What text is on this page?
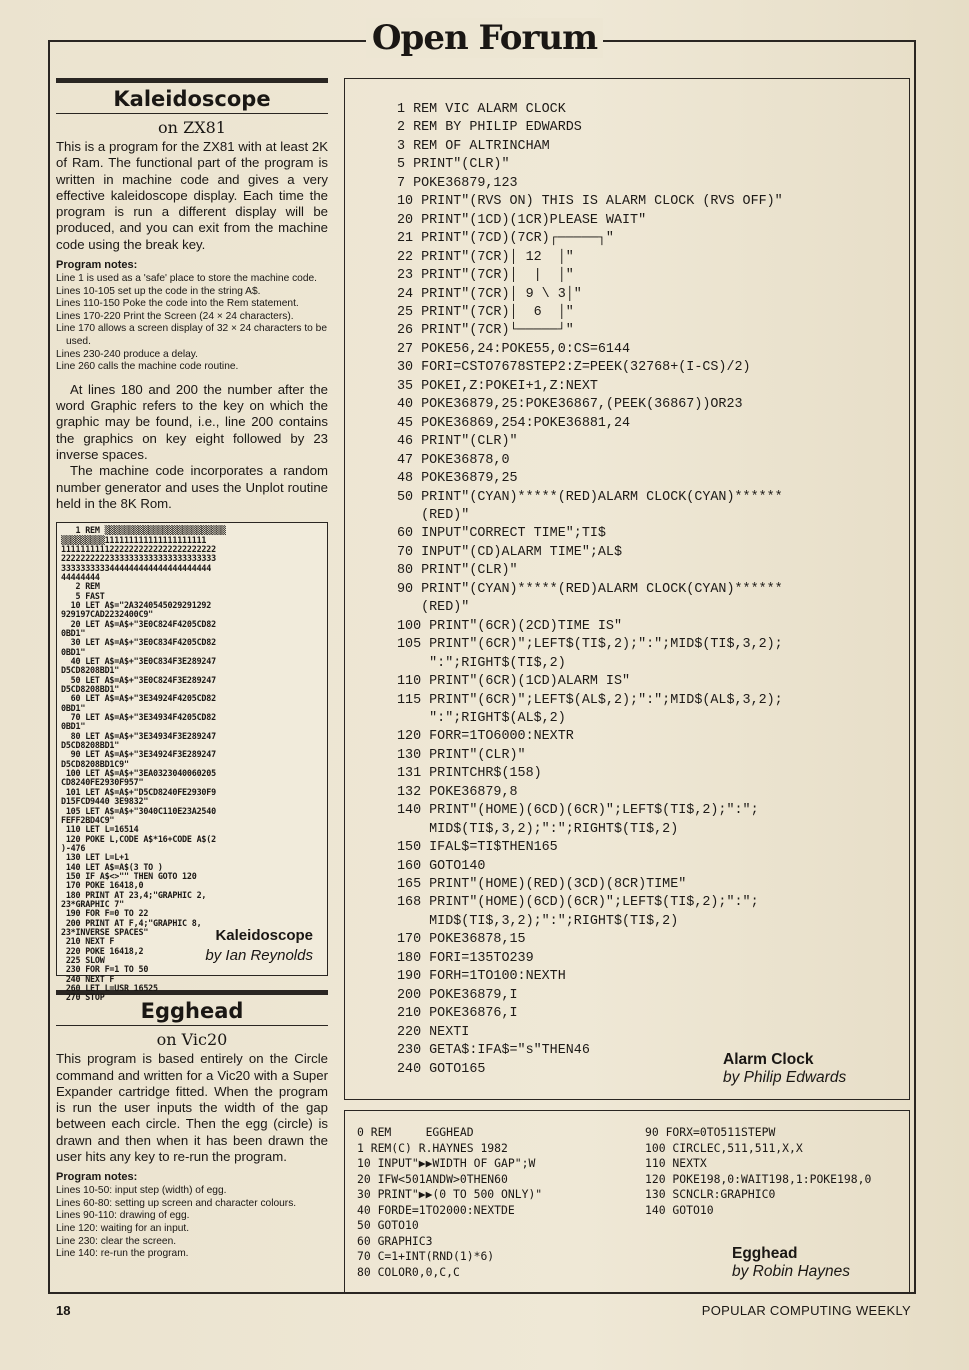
Open Forum
Kaleidoscope
on ZX81

This is a program for the ZX81 with at least 2K of Ram. The functional part of the program is written in machine code and gives a very effective kaleidoscope display. Each time the program is run a different display will be produced, and you can exit from the machine code using the break key.

Program notes:
Line 1 is used as a 'safe' place to store the machine code.
Lines 10-105 set up the code in the string A$.
Lines 110-150 Poke the code into the Rem statement.
Lines 170-220 Print the Screen (24 × 24 characters).
Line 170 allows a screen display of 32 × 24 characters to be used.
Lines 230-240 produce a delay.
Line 260 calls the machine code routine.

At lines 180 and 200 the number after the word Graphic refers to the key on which the graphic may be found, i.e., line 200 contains the graphics on key eight followed by 23 inverse spaces.

The machine code incorporates a random number generator and uses the Unplot routine held in the 8K Rom.

1 REM ▒▒▒▒▒▒▒▒▒▒▒▒▒▒▒▒▒▒▒▒▒▒▒▒▒
▒▒▒▒▒▒▒▒▒111111111111111111111
11111111112222222222222222222222
22222222223333333333333333333333
3333333333444444444444444444444
44444444
2 REM
5 FAST
10 LET A$="2A32405450292912⁠92
929197CAD2232400C9"
20 LET A$=A$+"3E0C824F4205CD82
0BD1"
30 LET A$=A$+"3E0C834F4205CD82
0BD1"
40 LET A$=A$+"3E0C834F3E289247
D5CD8208BD1"
50 LET A$=A$+"3E0C824F3E289247
D5CD8208BD1"
60 LET A$=A$+"3E34924F4205CD82
0BD1"
70 LET A$=A$+"3E34934F4205CD82
0BD1"
80 LET A$=A$+"3E34934F3E289247
D5CD8208BD1"
90 LET A$=A$+"3E34924F3E289247
D5CD8208BD1C9"
100 LET A$=A$+"3EA0323040060205
CD8240FE2930F957"
101 LET A$=A$+"D5CD8240FE2930F9
D15FCD9440 3E9832"
105 LET A$=A$+"3040C110E23A2540
FEFF2BD4C9"
110 LET L=16514
120 POKE L,CODE A$*16+CODE A$(2
)-476
130 LET L=L+1
140 LET A$=A$(3 TO )
150 IF A$<>"" THEN GOTO 120
170 POKE 16418,0
180 PRINT AT 23,4;"GRAPHIC 2,
23*GRAPHIC 7"
190 FOR F=0 TO 22
200 PRINT AT F,4;"GRAPHIC 8,
23*INVERSE SPACES"
210 NEXT F
220 POKE 16418,2
225 SLOW
230 FOR F=1 TO 50
240 NEXT F
260 LET L=USR 16525
270 STOP
Kaleidoscope
by Ian Reynolds
Egghead
on Vic20

This program is based entirely on the Circle command and written for a Vic20 with a Super Expander cartridge fitted. When the program is run the user inputs the width of the gap between each circle. Then the egg (circle) is drawn and then when it has been drawn the user hits any key to re-run the program.

Program notes:
Lines 10-50: input step (width) of egg.
Lines 60-80: setting up screen and character colours.
Lines 90-110: drawing of egg.
Line 120: waiting for an input.
Line 230: clear the screen.
Line 140: re-run the program.
1 REM VIC ALARM CLOCK
2 REM BY PHILIP EDWARDS
3 REM OF ALTRINCHAM
5 PRINT"(CLR)"
7 POKE36879,123
10 PRINT"(RVS ON) THIS IS ALARM CLOCK (RVS OFF)"
20 PRINT"(1CD)(1CR)PLEASE WAIT"
21 PRINT"(7CD)(7CR)┌─────┐"
22 PRINT"(7CR)│ 12  │"
23 PRINT"(7CR)│  |  │"
24 PRINT"(7CR)│ 9 \ 3│"
25 PRINT"(7CR)│  6  │"
26 PRINT"(7CR)└─────┘"
27 POKE56,24:POKE55,0:CS=6144
30 FORI=CSTO7678STEP2:Z=PEEK(32768+(I-CS)/2)
35 POKEI,Z:POKEI+1,Z:NEXT
40 POKE36879,25:POKE36867,(PEEK(36867))OR23
45 POKE36869,254:POKE36881,24
46 PRINT"(CLR)"
47 POKE36878,0
48 POKE36879,25
50 PRINT"(CYAN)*****(RED)ALARM CLOCK(CYAN)******
(RED)"
60 INPUT"CORRECT TIME";TI$
70 INPUT"(CD)ALARM TIME";AL$
80 PRINT"(CLR)"
90 PRINT"(CYAN)*****(RED)ALARM CLOCK(CYAN)******
(RED)"
100 PRINT"(6CR)(2CD)TIME IS"
105 PRINT"(6CR)";LEFT$(TI$,2);":";MID$(TI$,3,2);
":";RIGHT$(TI$,2)
110 PRINT"(6CR)(1CD)ALARM IS"
115 PRINT"(6CR)";LEFT$(AL$,2);":";MID$(AL$,3,2);
":";RIGHT$(AL$,2)
120 FORR=1TO6000:NEXTR
130 PRINT"(CLR)"
131 PRINTCHR$(158)
132 POKE36879,8
140 PRINT"(HOME)(6CD)(6CR)";LEFT$(TI$,2);":";
MID$(TI$,3,2);":";RIGHT$(TI$,2)
150 IFAL$=TI$THEN165
160 GOTO140
165 PRINT"(HOME)(RED)(3CD)(8CR)TIME"
168 PRINT"(HOME)(6CD)(6CR)";LEFT$(TI$,2);":";
MID$(TI$,3,2);":";RIGHT$(TI$,2)
170 POKE36878,15
180 FORI=135TO239
190 FORH=1TO100:NEXTH
200 POKE36879,I
210 POKE36876,I
220 NEXTI
230 GETA$:IFA$="s"THEN46
240 GOTO165
Alarm Clock
by Philip Edwards
0 REM     EGGHEAD
1 REM(C) R.HAYNES 1982
10 INPUT"▶▶WIDTH OF GAP";W
20 IFW<501ANDW>0THEN60
30 PRINT"▶▶(0 TO 500 ONLY)"
40 FORDE=1TO2000:NEXTDE
50 GOTO10
60 GRAPHIC3
70 C=1+INT(RND(1)*6)
80 COLOR0,0,C,C
90 FORX=0TO511STEPW
100 CIRCLEC,511,511,X,X
110 NEXTX
120 POKE198,0:WAIT198,1:POKE198,0
130 SCNCLR:GRAPHIC0
140 GOTO10
Egghead
by Robin Haynes
18	POPULAR COMPUTING WEEKLY
